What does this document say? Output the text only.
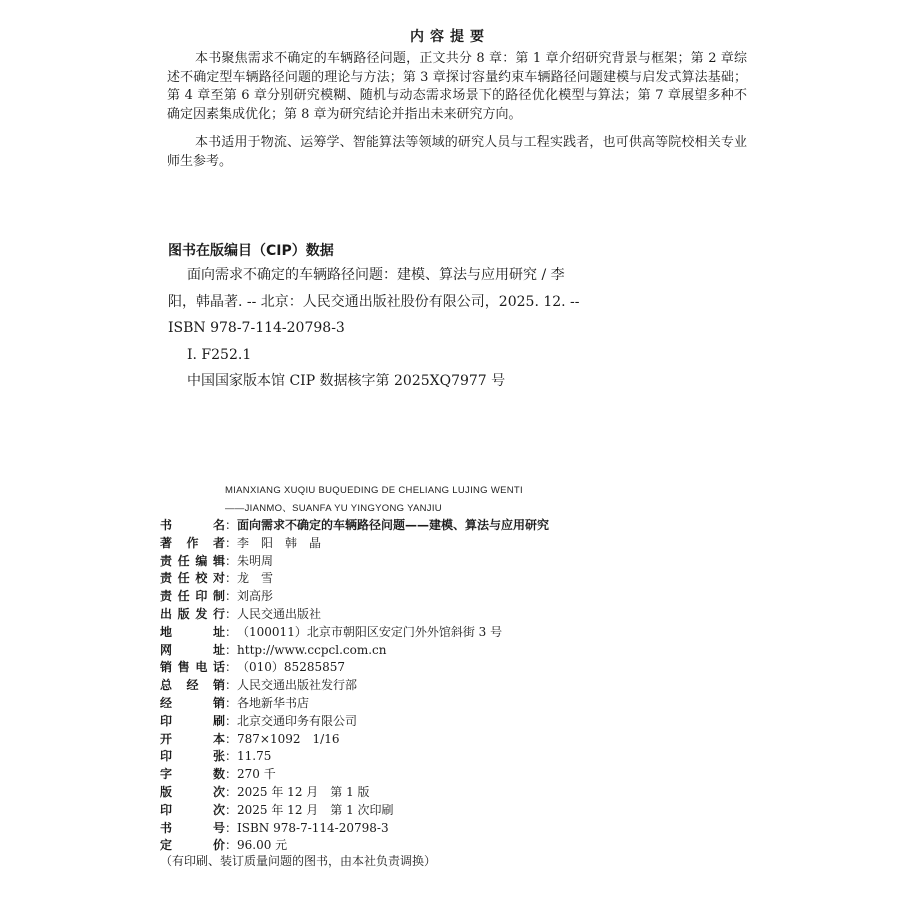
内容提要

本书聚焦需求不确定的车辆路径问题，正文共分 8 章：第 1 章介绍研究背景与框架；第 2 章综述不确定型车辆路径问题的理论与方法；第 3 章探讨容量约束车辆路径问题建模与启发式算法基础；第 4 章至第 6 章分别研究模糊、随机与动态需求场景下的路径优化模型与算法；第 7 章展望多种不确定因素集成优化；第 8 章为研究结论并指出未来研究方向。

本书适用于物流、运筹学、智能算法等领域的研究人员与工程实践者，也可供高等院校相关专业师生参考。

图书在版编目（CIP）数据

面向需求不确定的车辆路径问题：建模、算法与应用研究 / 李阳，韩晶著. -- 北京：人民交通出版社股份有限公司，2025. 12. -- ISBN 978-7-114-20798-3

Ⅰ. F252.1

中国国家版本馆 CIP 数据核字第 2025XQ7977 号

MIANXIANG XUQIU BUQUEDING DE CHELIANG LUJING WENTI
——JIANMO、SUANFA YU YINGYONG YANJIU
书名：面向需求不确定的车辆路径问题——建模、算法与应用研究
著作者：李　阳　韩　晶
责任编辑：朱明周
责任校对：龙　雪
责任印制：刘高彤
出版发行：人民交通出版社
地址：（100011）北京市朝阳区安定门外外馆斜街 3 号
网址：http://www.ccpcl.com.cn
销售电话：（010）85285857
总经销：人民交通出版社发行部
经销：各地新华书店
印刷：北京交通印务有限公司
开本：787×1092　1/16
印张：11.75
字数：270 千
版次：2025 年 12 月　第 1 版
印次：2025 年 12 月　第 1 次印刷
书号：ISBN 978-7-114-20798-3
定价：96.00 元
（有印刷、装订质量问题的图书，由本社负责调换）
